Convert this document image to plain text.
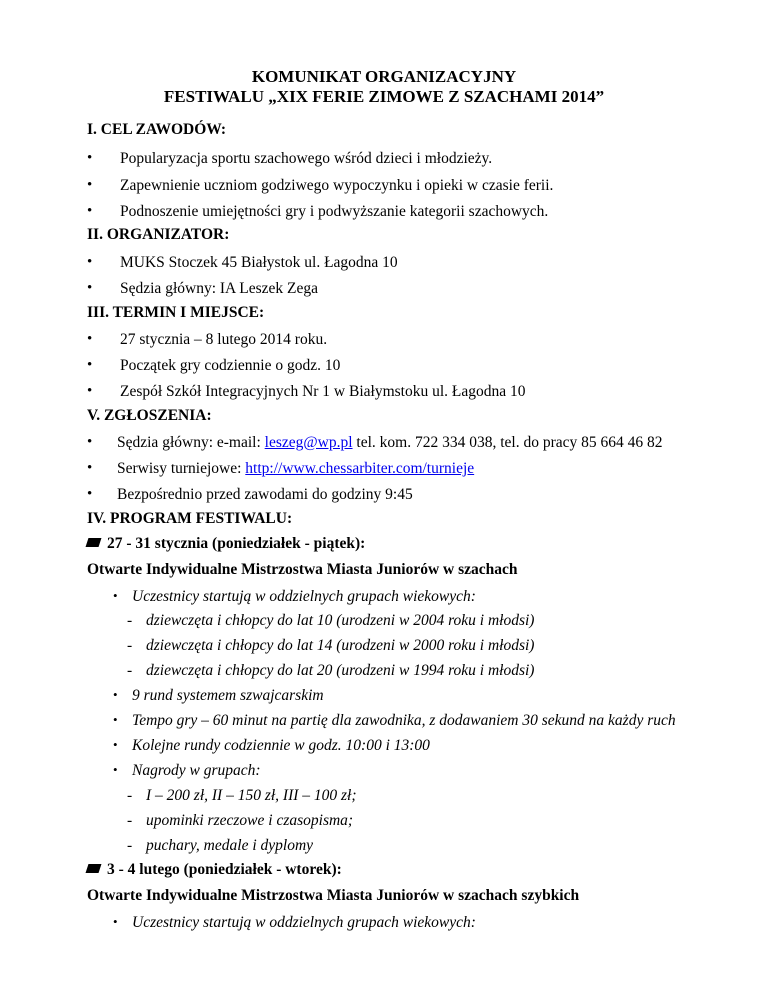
KOMUNIKAT ORGANIZACYJNY
FESTIWALU „XIX FERIE ZIMOWE Z SZACHAMI 2014”
I. CEL ZAWODÓW:
• Popularyzacja sportu szachowego wśród dzieci i młodzieży.
• Zapewnienie uczniom godziwego wypoczynku i opieki w czasie ferii.
• Podnoszenie umiejętności gry i podwyższanie kategorii szachowych.
II. ORGANIZATOR:
• MUKS Stoczek 45 Białystok ul. Łagodna 10
• Sędzia główny: IA Leszek Zega
III. TERMIN I MIEJSCE:
• 27 stycznia – 8 lutego 2014 roku.
• Początek gry codziennie o godz. 10
• Zespół Szkół Integracyjnych Nr 1 w Białymstoku ul. Łagodna 10
V. ZGŁOSZENIA:
• Sędzia główny: e-mail: leszeg@wp.pl tel. kom. 722 334 038, tel. do pracy 85 664 46 82
• Serwisy turniejowe: http://www.chessarbiter.com/turnieje
• Bezpośrednio przed zawodami do godziny 9:45
IV. PROGRAM FESTIWALU:
27 - 31 stycznia (poniedziałek - piątek):
Otwarte Indywidualne Mistrzostwa Miasta Juniorów w szachach
• Uczestnicy startują w oddzielnych grupach wiekowych:
- dziewczęta i chłopcy do lat 10 (urodzeni w 2004 roku i młodsi)
- dziewczęta i chłopcy do lat 14 (urodzeni w 2000 roku i młodsi)
- dziewczęta i chłopcy do lat 20 (urodzeni w 1994 roku i młodsi)
• 9 rund systemem szwajcarskim
• Tempo gry – 60 minut na partię dla zawodnika, z dodawaniem 30 sekund na każdy ruch
• Kolejne rundy codziennie w godz. 10:00 i 13:00
• Nagrody w grupach:
- I – 200 zł, II – 150 zł, III – 100 zł;
- upominki rzeczowe i czasopisma;
- puchary, medale i dyplomy
3 - 4 lutego (poniedziałek - wtorek):
Otwarte Indywidualne Mistrzostwa Miasta Juniorów w szachach szybkich
• Uczestnicy startują w oddzielnych grupach wiekowych:
